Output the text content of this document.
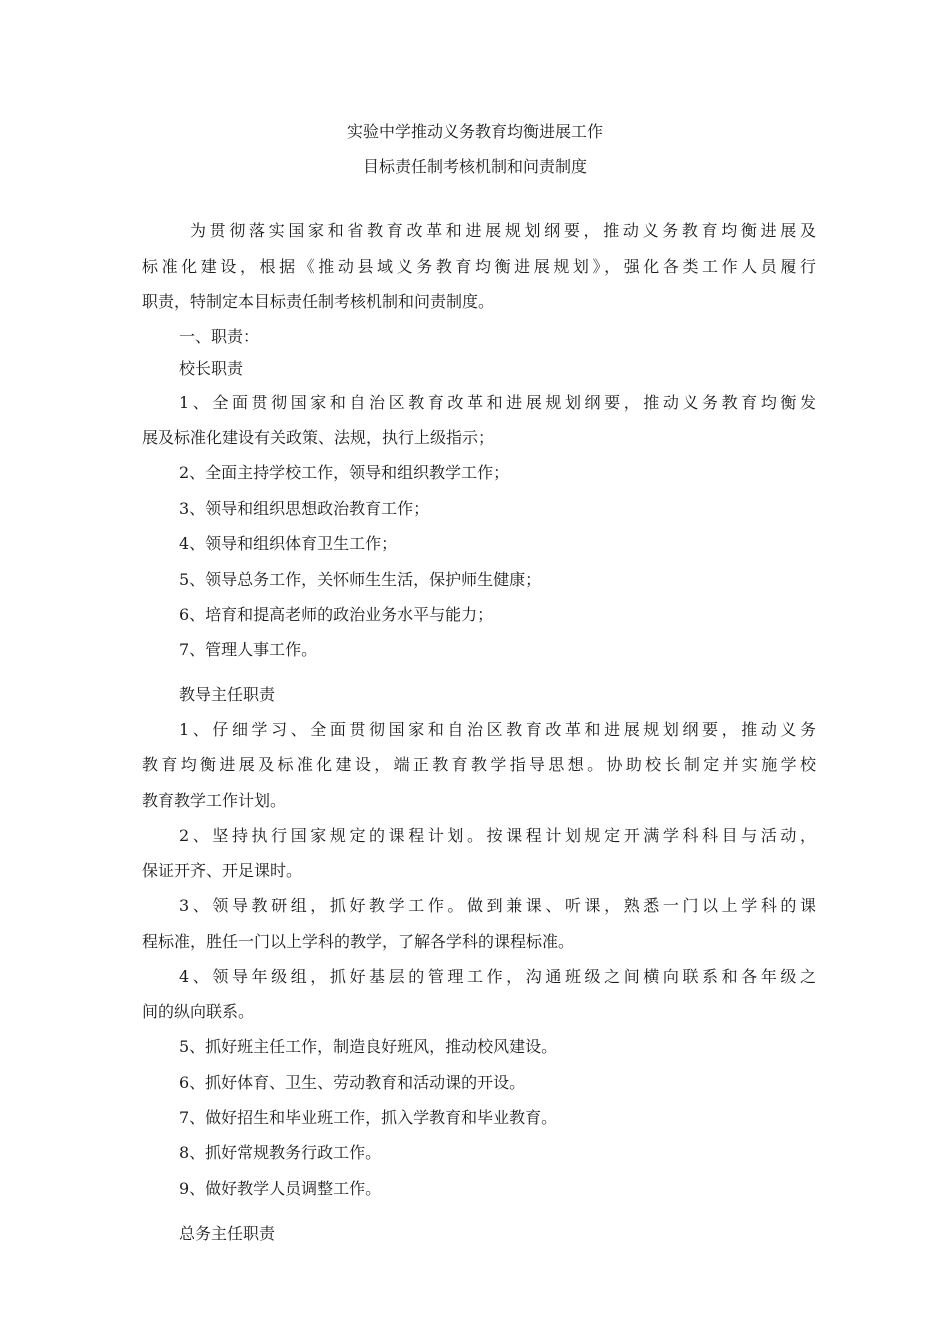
实验中学推动义务教育均衡进展工作
目标责任制考核机制和问责制度
为贯彻落实国家和省教育改革和进展规划纲要，推动义务教育均衡进展及
标准化建设，根据《推动县域义务教育均衡进展规划》，强化各类工作人员履行
职责，特制定本目标责任制考核机制和问责制度。
一、职责：
校长职责
1、全面贯彻国家和自治区教育改革和进展规划纲要，推动义务教育均衡发
展及标准化建设有关政策、法规，执行上级指示；
2、全面主持学校工作，领导和组织教学工作；
3、领导和组织思想政治教育工作；
4、领导和组织体育卫生工作；
5、领导总务工作，关怀师生生活，保护师生健康；
6、培育和提高老师的政治业务水平与能力；
7、管理人事工作。
教导主任职责
1、仔细学习、全面贯彻国家和自治区教育改革和进展规划纲要，推动义务
教育均衡进展及标准化建设，端正教育教学指导思想。协助校长制定并实施学校
教育教学工作计划。
2、坚持执行国家规定的课程计划。按课程计划规定开满学科科目与活动，
保证开齐、开足课时。
3、领导教研组，抓好教学工作。做到兼课、听课，熟悉一门以上学科的课
程标准，胜任一门以上学科的教学，了解各学科的课程标准。
4、领导年级组，抓好基层的管理工作，沟通班级之间横向联系和各年级之
间的纵向联系。
5、抓好班主任工作，制造良好班风，推动校风建设。
6、抓好体育、卫生、劳动教育和活动课的开设。
7、做好招生和毕业班工作，抓入学教育和毕业教育。
8、抓好常规教务行政工作。
9、做好教学人员调整工作。
总务主任职责
